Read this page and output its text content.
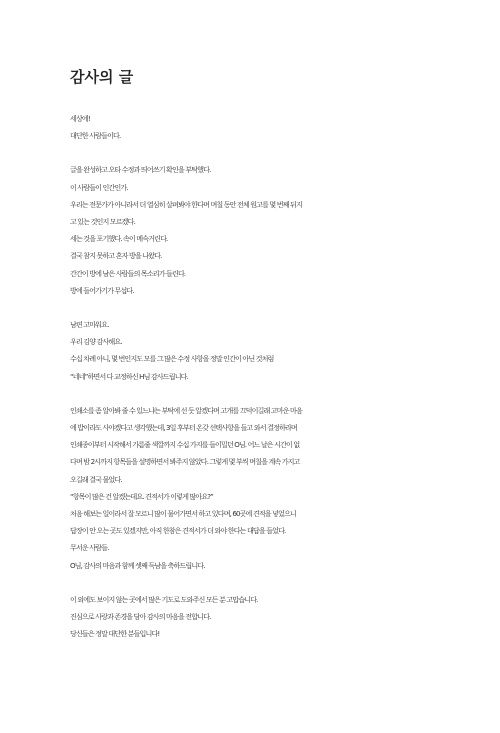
감사의 글
세상에!
대단한 사람들이다.
글을 완성하고 오타 수정과 띄어쓰기 확인을 부탁했다.
이 사람들이 인간인가.
우리는 전문가가 아니라서 더 열심히 살펴봐야 한다며 며칠 동안 전체 원고를 몇 번째 뒤지
고 있는 것인지 모르겠다.
세는 것을 포기했다. 속이 메슥거린다.
결국 참지 못하고 혼자 방을 나왔다.
간간이 방에 남은 사람들의 목소리가 들린다.
방에 들어가기가 무섭다.
남편 고마워요.
우리 김양 감사해요.
수십 차례 아니, 몇 번인지도 모를 그 많은 수정 사항을 정말 인간이 아닌 것처럼
“네네”하면서 다 교정하신 H님 감사드립니다.
인쇄소를 좀 알아봐 줄 수 있느냐는 부탁에 선 듯 알겠다며 고개를 끄덕이길래 고마운 마음
에 밥이라도 사야겠다고 생각했는데, 3일 후부터 온갖 선택사항을 들고 와서 결정하라며
인쇄종이부터 시작해서 가름줄 색깔까지 수십 가지를 들이밀던 O님. 어느 날은 시간이 없
다며 밤 2시까지 항목들을 설명하면서 봐주지 않았다. 그렇게 몇 부씩 며칠을 계속 가지고
오길래 결국 물었다.
“항목이 많은 건 알겠는데요. 견적서가 이렇게 많아요?”
처음 해보는 일이라서 잘 모르니 많이 물어가면서 하고 있다며, 60곳에 견적을 넣었으니
답장이 안 오는 곳도 있겠지만, 아직 한참은 견적서가 더 와야 한다는 대답을 들었다.
무서운 사람들.
O님, 감사의 마음과 함께 셋째 득남을 축하드립니다.
이 외에도 보이지 않는 곳에서 많은 기도로 도와주신 모든 분 고맙습니다.
진심으로 사랑과 존경을 담아 감사의 마음을 전합니다.
당신들은 정말 대단한 분들입니다!
